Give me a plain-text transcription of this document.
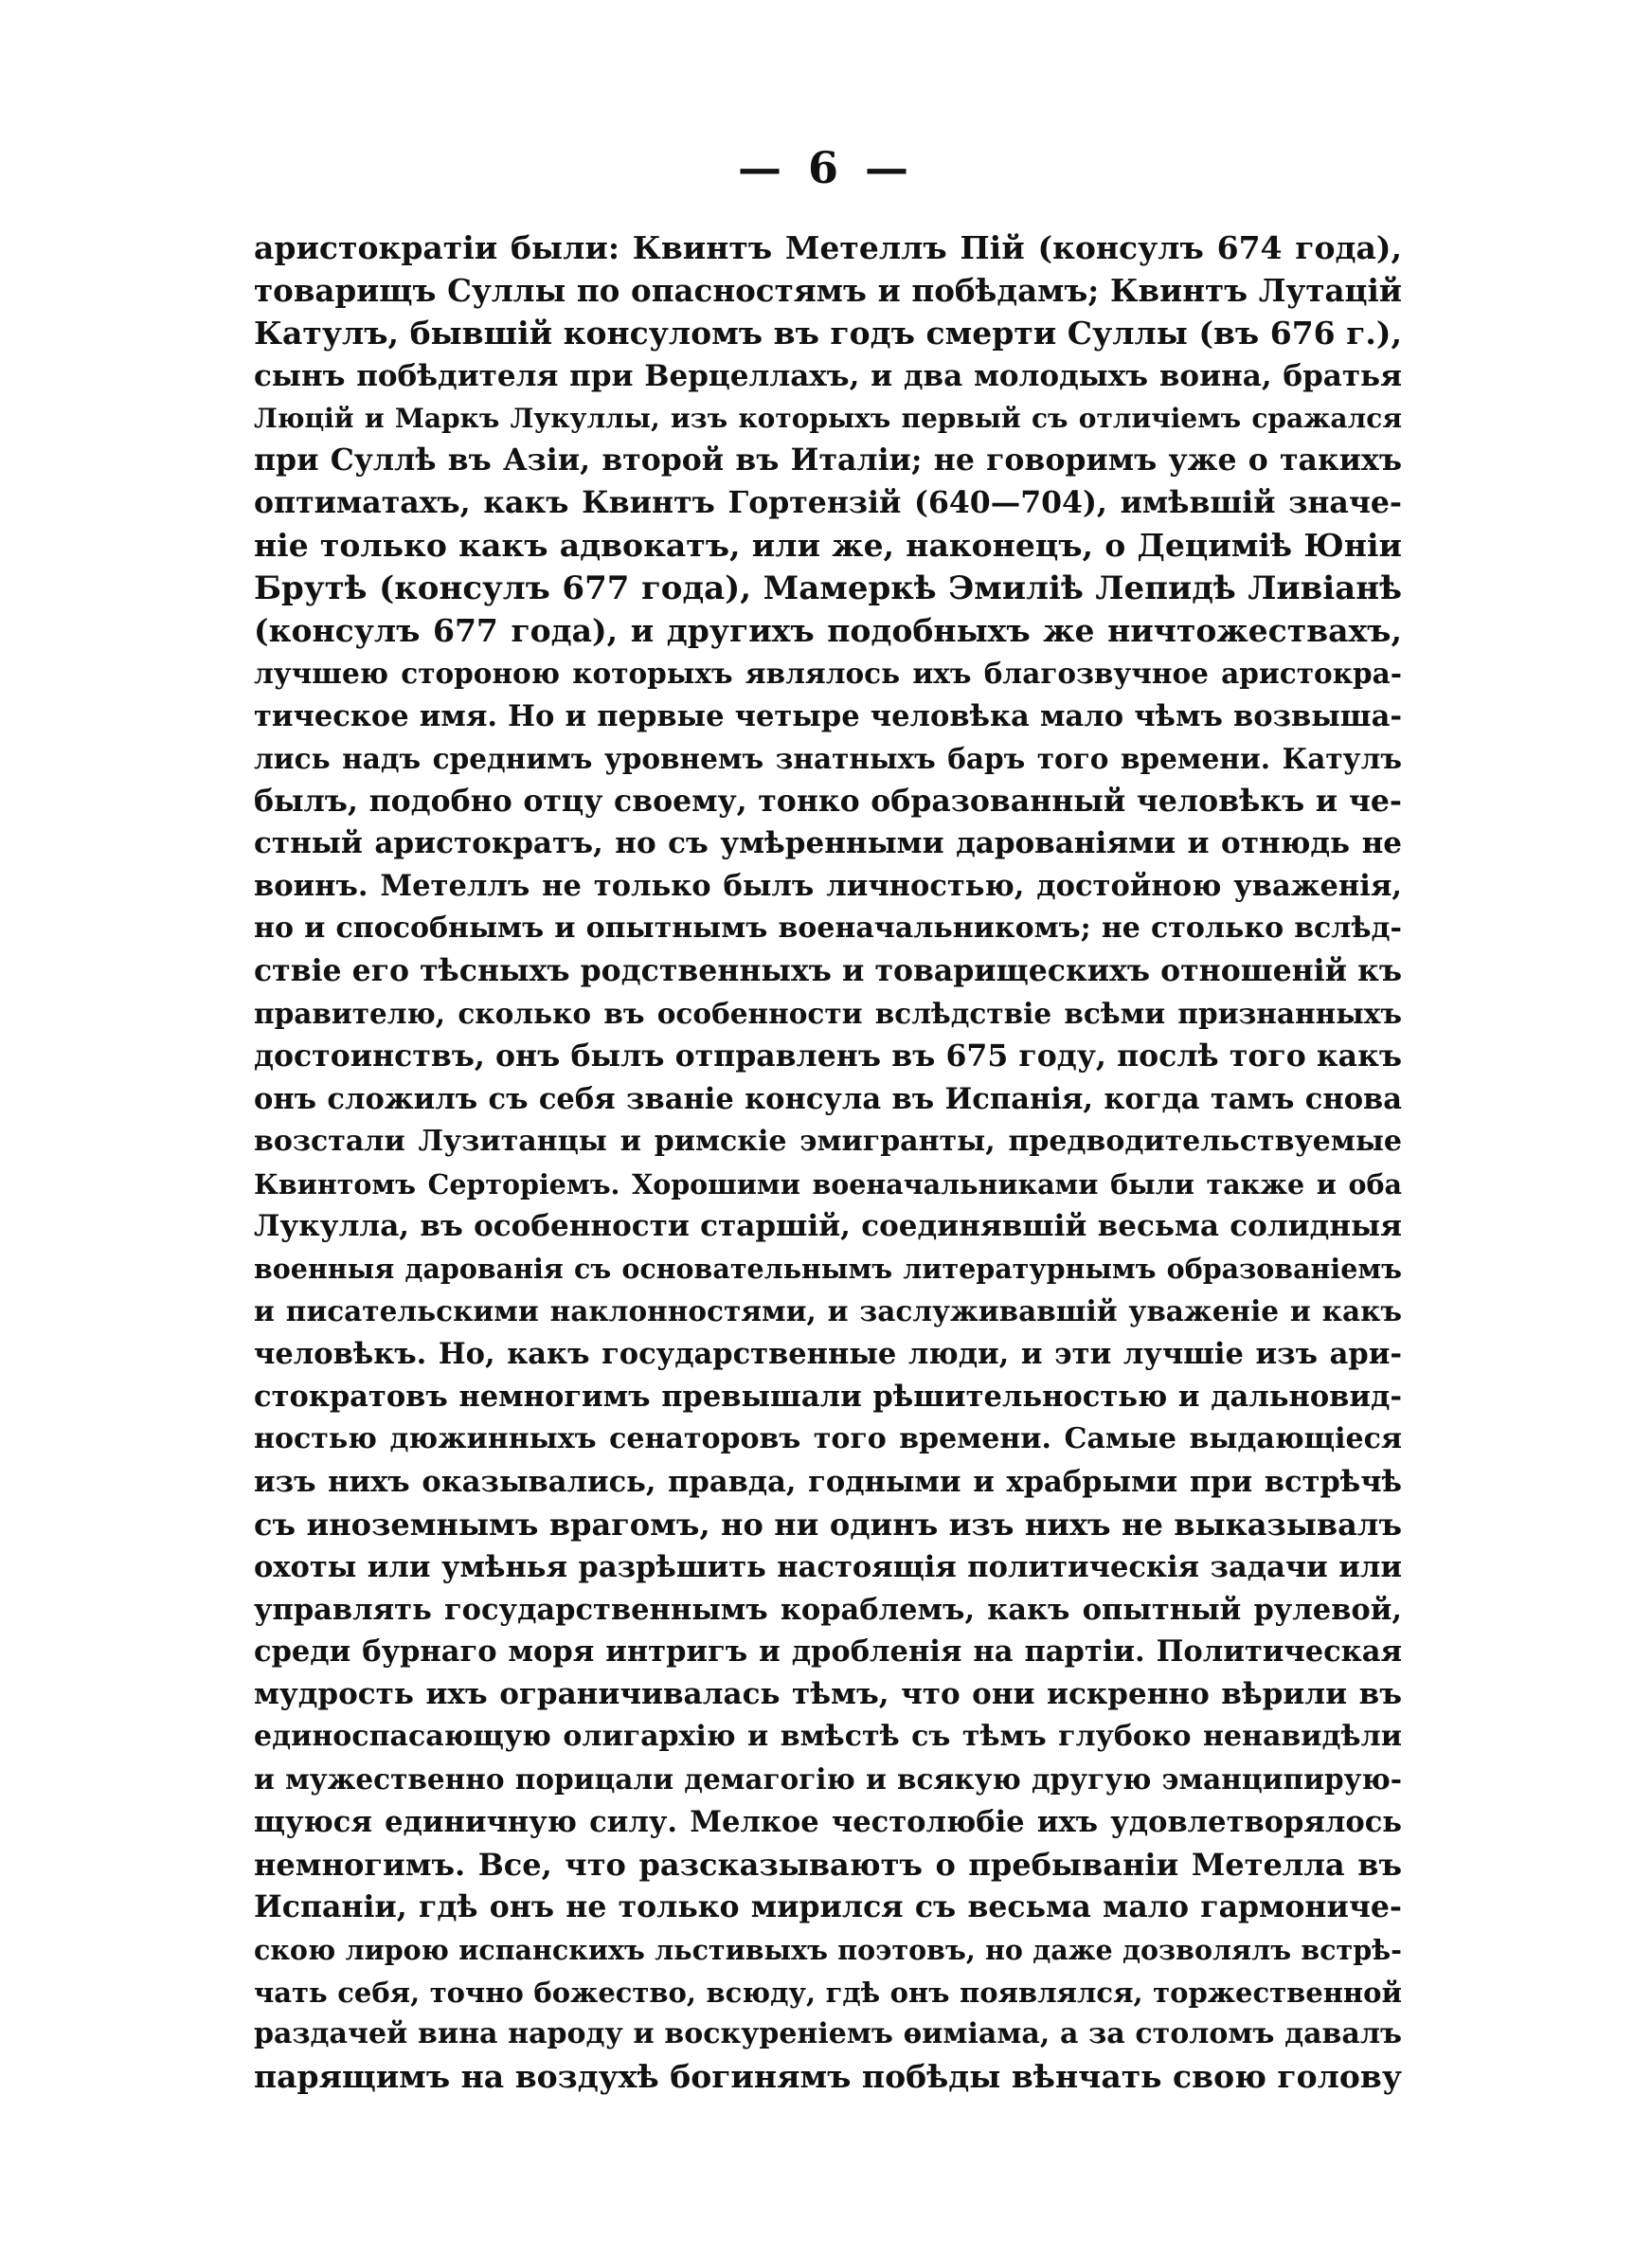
— 6 —
аристократіи были: Квинтъ Метеллъ Пій (консулъ 674 года),
товарищъ Суллы по опасностямъ и побѣдамъ; Квинтъ Лутацій
Катулъ, бывшій консуломъ въ годъ смерти Суллы (въ 676 г.),
сынъ побѣдителя при Верцеллахъ, и два молодыхъ воина, братья
Люцій и Маркъ Лукуллы, изъ которыхъ первый съ отличіемъ сражался
при Суллѣ въ Азіи, второй въ Италіи; не говоримъ уже о такихъ
оптиматахъ, какъ Квинтъ Гортензій (640—704), имѣвшій значе-
ніе только какъ адвокатъ, или же, наконецъ, о Дециміѣ Юніи
Брутѣ (консулъ 677 года), Мамеркѣ Эмиліѣ Лепидѣ Ливіанѣ
(консулъ 677 года), и другихъ подобныхъ же ничтожествахъ,
лучшею стороною которыхъ являлось ихъ благозвучное аристокра-
тическое имя. Но и первые четыре человѣка мало чѣмъ возвыша-
лись надъ среднимъ уровнемъ знатныхъ баръ того времени. Катулъ
былъ, подобно отцу своему, тонко образованный человѣкъ и че-
стный аристократъ, но съ умѣренными дарованіями и отнюдь не
воинъ. Метеллъ не только былъ личностью, достойною уваженія,
но и способнымъ и опытнымъ военачальникомъ; не столько вслѣд-
ствіе его тѣсныхъ родственныхъ и товарищескихъ отношеній къ
правителю, сколько въ особенности вслѣдствіе всѣми признанныхъ
достоинствъ, онъ былъ отправленъ въ 675 году, послѣ того какъ
онъ сложилъ съ себя званіе консула въ Испанія, когда тамъ снова
возстали Лузитанцы и римскіе эмигранты, предводительствуемые
Квинтомъ Серторіемъ. Хорошими военачальниками были также и оба
Лукулла, въ особенности старшій, соединявшій весьма солидныя
военныя дарованія съ основательнымъ литературнымъ образованіемъ
и писательскими наклонностями, и заслуживавшій уваженіе и какъ
человѣкъ. Но, какъ государственные люди, и эти лучшіе изъ ари-
стократовъ немногимъ превышали рѣшительностью и дальновид-
ностью дюжинныхъ сенаторовъ того времени. Самые выдающіеся
изъ нихъ оказывались, правда, годными и храбрыми при встрѣчѣ
съ иноземнымъ врагомъ, но ни одинъ изъ нихъ не выказывалъ
охоты или умѣнья разрѣшить настоящія политическія задачи или
управлять государственнымъ кораблемъ, какъ опытный рулевой,
среди бурнаго моря интригъ и дробленія на партіи. Политическая
мудрость ихъ ограничивалась тѣмъ, что они искренно вѣрили въ
единоспасающую олигархію и вмѣстѣ съ тѣмъ глубоко ненавидѣли
и мужественно порицали демагогію и всякую другую эманципирую-
щуюся единичную силу. Мелкое честолюбіе ихъ удовлетворялось
немногимъ. Все, что разсказываютъ о пребываніи Метелла въ
Испаніи, гдѣ онъ не только мирился съ весьма мало гармониче-
скою лирою испанскихъ льстивыхъ поэтовъ, но даже дозволялъ встрѣ-
чать себя, точно божество, всюду, гдѣ онъ появлялся, торжественной
раздачей вина народу и воскуреніемъ ѳиміама, а за столомъ давалъ
парящимъ на воздухѣ богинямъ побѣды вѣнчать свою голову
